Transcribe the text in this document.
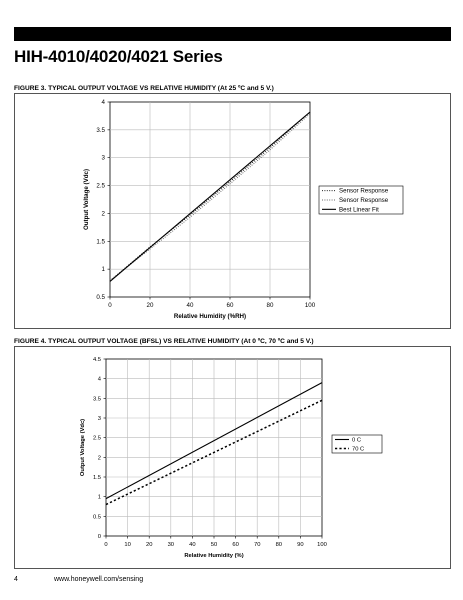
HIH-4010/4020/4021 Series
FIGURE 3. TYPICAL OUTPUT VOLTAGE VS RELATIVE HUMIDITY (At 25 ºC and 5 V.)
0	20	40	60	80	100
0.5
1
1.5
2
2.5
3
3.5
4
Relative Humidity (%RH)
Output Voltage (Vdc)	Sensor Response
Sensor Response
Best Linear Fit
FIGURE 4. TYPICAL OUTPUT VOLTAGE (BFSL) VS RELATIVE HUMIDITY (At 0 ºC, 70 ºC and 5 V.)
0	10	20	30	40	50	60	70	80	90 100
0
0.5
1
1.5
2
2.5
3
3.5
4
4.5
Relative Humidity (%)
Output Voltage (Vdc)	0 C
70 C
4	www.honeywell.com/sensing
